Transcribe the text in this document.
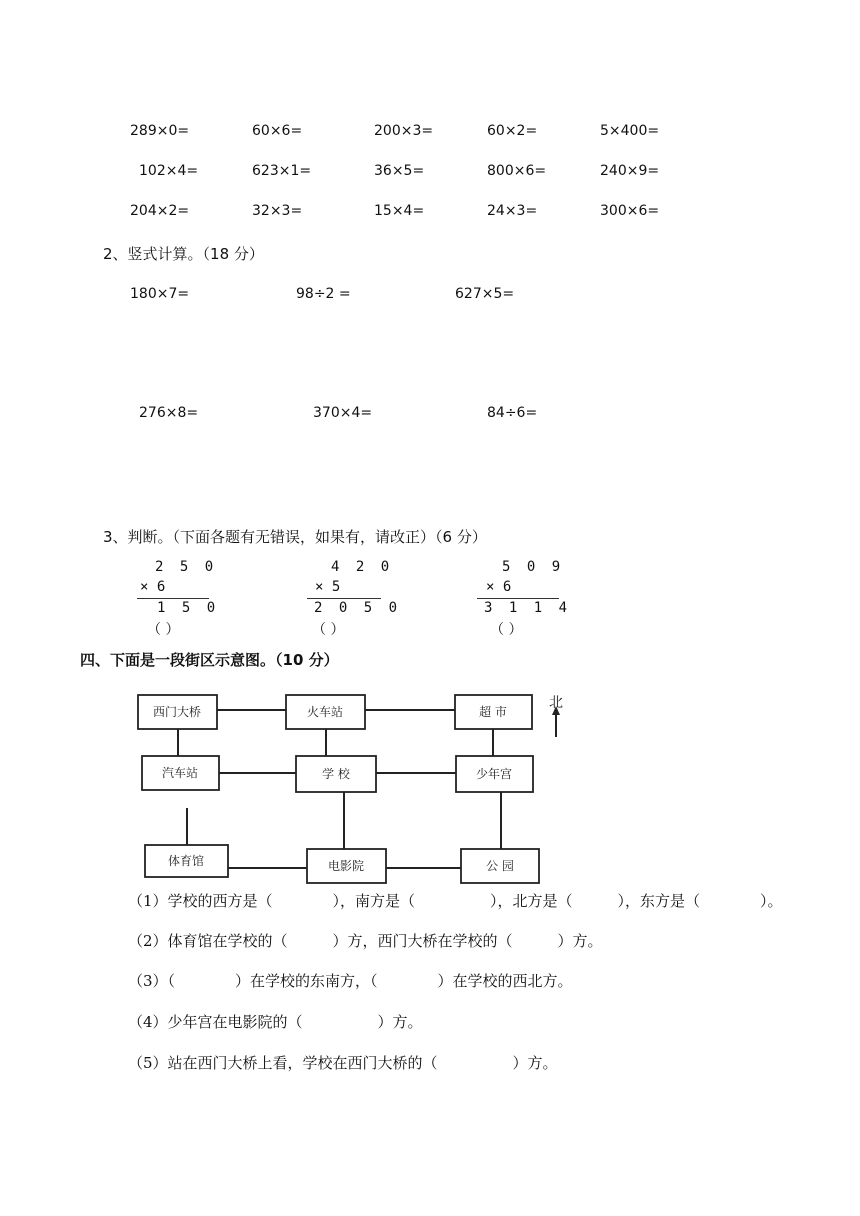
289×0=	60×6=	200×3=	60×2=	5×400=
102×4=	623×1=	36×5=	800×6=	240×9=
204×2=	32×3=	15×4=	24×3=	300×6=
2、竖式计算。（18 分）
180×7=	98÷2 =	627×5=
276×8=	370×4=	84÷6=
3、判断。（下面各题有无错误，如果有，请改正）（6 分）
2 5 0
× 6
1 5 0
（ ）
4 2 0
× 5
2 0 5 0
（ ）
5 0 9
× 6
3 1 1 4
（ ）
四、下面是一段街区示意图。（10 分）
北
西门大桥	火车站	超 市
汽车站	学 校	少年宫
体育馆	电影院	公 园
（1）学校的西方是（　　　　），南方是（　　　　　），北方是（　　　），东方是（　　　　）。
（2）体育馆在学校的（　　　）方，西门大桥在学校的（　　　）方。
（3）（　　　　）在学校的东南方，（　　　　）在学校的西北方。
（4）少年宫在电影院的（　　　　　）方。
（5）站在西门大桥上看，学校在西门大桥的（　　　　　）方。
